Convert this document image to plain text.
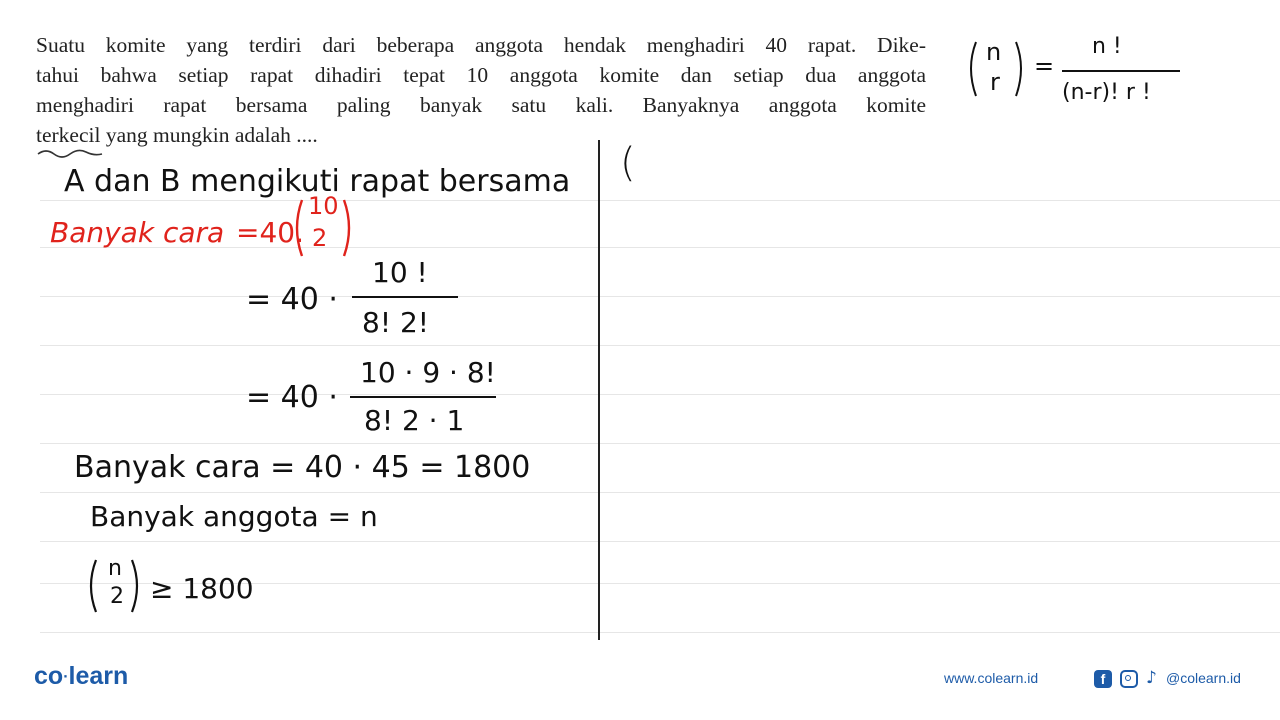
Suatu komite yang terdiri dari beberapa anggota hendak menghadiri 40 rapat. Dike-
tahui bahwa setiap rapat dihadiri tepat 10 anggota komite dan setiap dua anggota
menghadiri rapat bersama paling banyak satu kali. Banyaknya anggota komite
terkecil yang mungkin adalah ....
n
r
=
n !
(n-r)! r !
(
A dan B mengikuti rapat bersama
Banyak cara =40.
10
2
= 40 ·
10 !
8! 2!
= 40 ·
10 · 9 · 8!
8! 2 · 1
Banyak cara = 40 · 45 = 1800
Banyak anggota = n
n
2 ≥ 1800
co·learn	www.colearn.id	f	♪ @colearn.id
